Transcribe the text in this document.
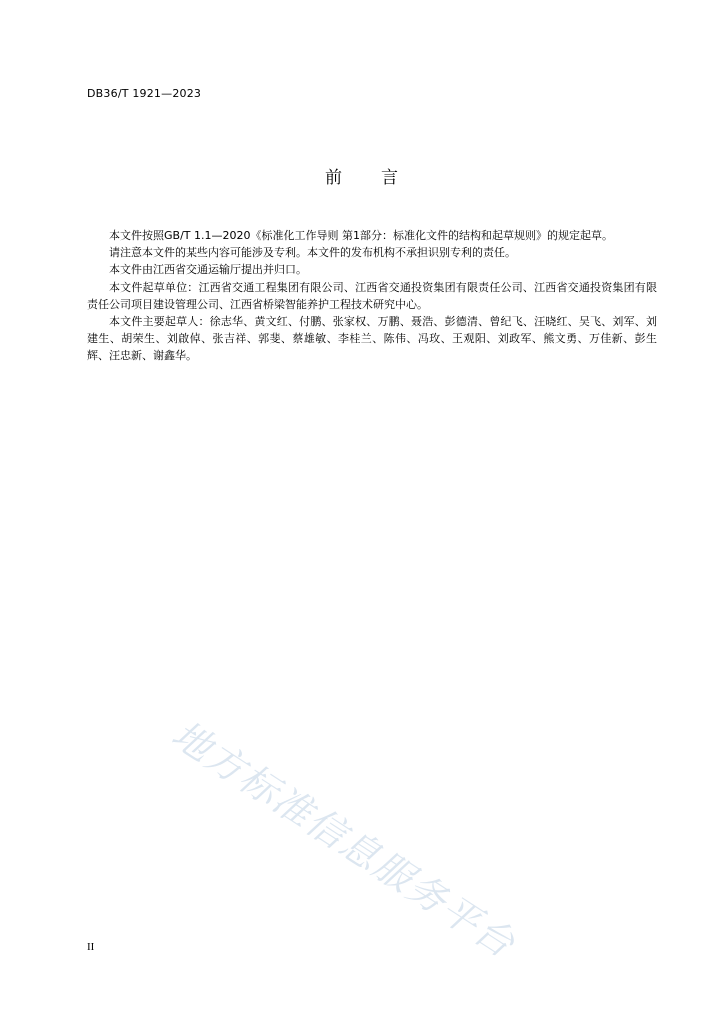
DB36/T 1921—2023
前 言

本文件按照GB/T 1.1—2020《标准化工作导则 第1部分：标准化文件的结构和起草规则》的规定起草。

请注意本文件的某些内容可能涉及专利。本文件的发布机构不承担识别专利的责任。

本文件由江西省交通运输厅提出并归口。

本文件起草单位：江西省交通工程集团有限公司、江西省交通投资集团有限责任公司、江西省交通投资集团有限责任公司项目建设管理公司、江西省桥梁智能养护工程技术研究中心。

本文件主要起草人：徐志华、黄文红、付鹏、张家权、万鹏、聂浩、彭德清、曾纪飞、汪晓红、吴飞、刘军、刘建生、胡荣生、刘啟倬、张吉祥、郭斐、蔡雄敏、李桂兰、陈伟、冯玫、王观阳、刘政军、熊文勇、万佳新、彭生辉、汪忠新、谢鑫华。

地方标准信息服务平台
II
